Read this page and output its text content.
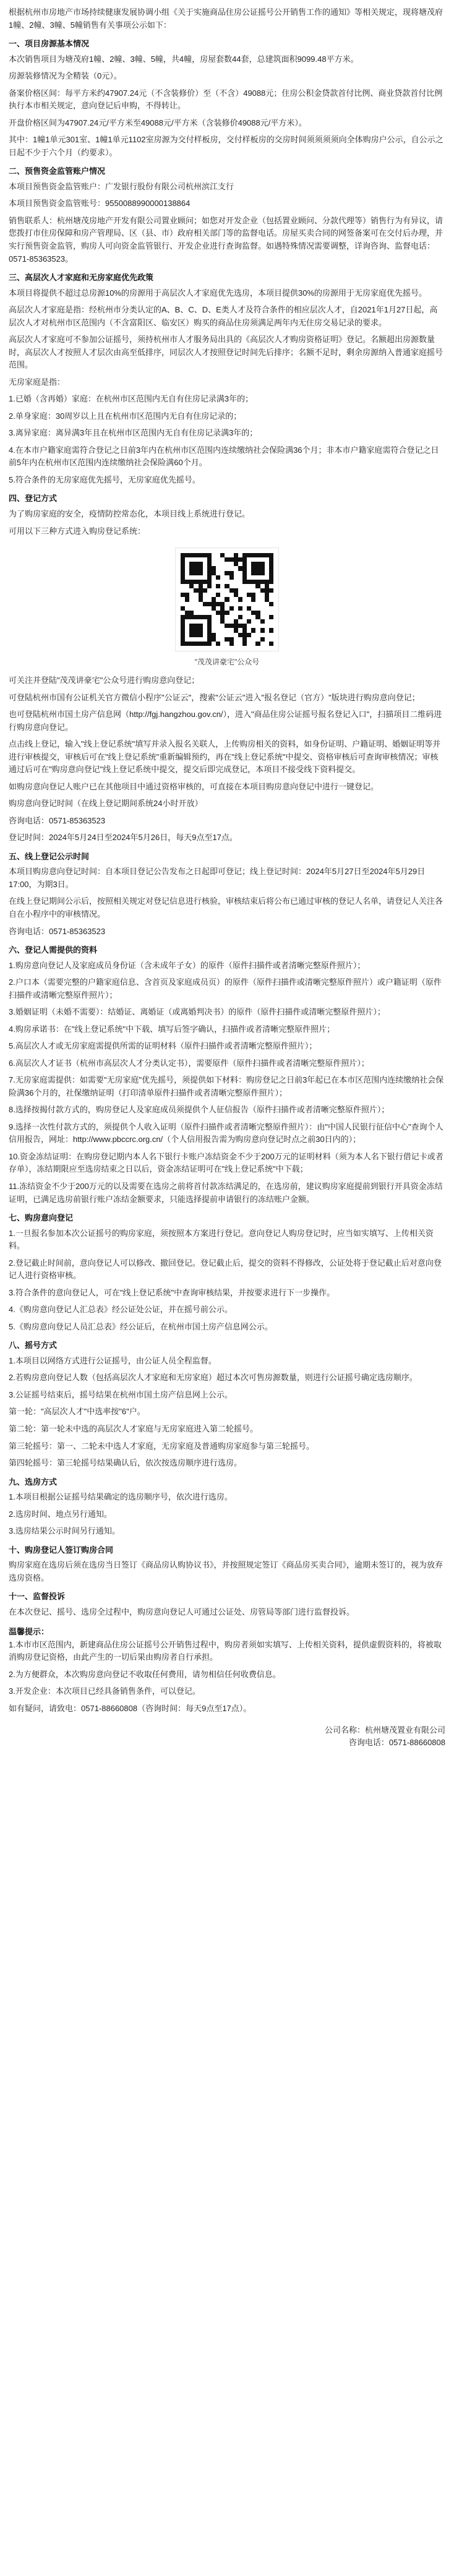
根据杭州市房地产市场持续健康发展协调小组《关于实施商品住房公证摇号公开销售工作的通知》等相关规定，现将塘茂府1幢、2幢、3幢、5幢销售有关事项公示如下：

一、项目房源基本情况

本次销售项目为塘茂府1幢、2幢、3幢、5幢，共4幢，房屋套数44套，总建筑面积9099.48平方米。

房源装修情况为全精装（0元）。

备案价格区间：每平方米约47907.24元（不含装修价）至（不含）49088元；住房公积金贷款首付比例、商业贷款首付比例执行本市相关规定，意向登记后申购，不得转让。

开盘价格区间为47907.24元/平方米至49088元/平方米（含装修价49088元/平方米）。

其中：1幢1单元301室、1幢1单元1102室房源为交付样板房，交付样板房的交房时间须须须须向全体购房户公示，自公示之日起不少于六个月（约要求）。

二、预售资金监管账户情况

本项目预售资金监管账户：广发银行股份有限公司杭州滨江支行

本项目预售资金监管账号：9550088990000138864

销售联系人：杭州塘茂房地产开发有限公司置业顾问；如您对开发企业（包括置业顾问、分款代理等）销售行为有异议，请您拨打市住房保障和房产管理局、区（县、市）政府相关部门等的监督电话。房屋买卖合同的网签备案可在交付后办理，并实行预售资金监管，购房人可向资金监管银行、开发企业进行查询监督。如遇特殊情况需要调整，详询咨询、监督电话：0571-85363523。

三、高层次人才家庭和无房家庭优先政策

本项目将提供不超过总房源10%的房源用于高层次人才家庭优先选房，本项目提供30%的房源用于无房家庭优先摇号。

高层次人才家庭是指：经杭州市分类认定的A、B、C、D、E类人才及符合条件的相应层次人才，自2021年1月27日起，高层次人才对杭州市区范围内（不含富阳区、临安区）购买的商品住房须满足两年内无住房交易记录的要求。

高层次人才家庭可不参加公证摇号，须持杭州市人才服务局出具的《高层次人才购房资格证明》登记。名额超出房源数量时，高层次人才按照人才层次由高至低排序，同层次人才按照登记时间先后排序；名额不足时，剩余房源纳入普通家庭摇号范围。

无房家庭是指：

1.已婚（含再婚）家庭：在杭州市区范围内无自有住房记录满3年的；

2.单身家庭：30周岁以上且在杭州市区范围内无自有住房记录的；

3.离异家庭：离异满3年且在杭州市区范围内无自有住房记录满3年的；

4.在本市户籍家庭需符合登记之日前3年内在杭州市区范围内连续缴纳社会保险满36个月；非本市户籍家庭需符合登记之日前5年内在杭州市区范围内连续缴纳社会保险满60个月。

5.符合条件的无房家庭优先摇号，无房家庭优先摇号。

四、登记方式

为了购房家庭的安全，疫情防控常态化，本项目线上系统进行登记。

可用以下三种方式进入购房登记系统：

"茂茂讲豪宅"公众号

可关注并登陆"茂茂讲豪宅"公众号进行购房意向登记；

可登陆杭州市国有公证机关官方微信小程序"公证云"，搜索"公证云"进入"报名登记（官方）"版块进行购房意向登记；

也可登陆杭州市国土房产信息网（http://fgj.hangzhou.gov.cn/），进入"商品住房公证摇号报名登记入口"，扫描项目二维码进行购房意向登记。

点击线上登记，输入"线上登记系统"填写并录入报名关联人，上传购房相关的资料，如身份证明、户籍证明、婚姻证明等并进行审核提交，审核后可在"线上登记系统"重新编辑预约，再在"线上登记系统"中提交、资格审核后可查询审核情况；审核通过后可在"购房意向登记"线上登记系统中提交，提交后即完成登记，本项目不接受线下资料提交。

如购房意向登记人账户已在其他项目中通过资格审核的，可直接在本项目购房意向登记中进行一键登记。

购房意向登记时间（在线上登记期间系统24小时开放）

咨询电话：0571-85363523

登记时间：2024年5月24日至2024年5月26日，每天9点至17点。

五、线上登记公示时间

本项目购房意向登记时间：自本项目登记公告发布之日起即可登记；线上登记时间：2024年5月27日至2024年5月29日17:00，为期3日。

在线上登记期间公示后，按照相关规定对登记信息进行核验，审核结束后将公布已通过审核的登记人名单，请登记人关注各自在小程序中的审核情况。

咨询电话：0571-85363523

六、登记人需提供的资料

1.购房意向登记人及家庭成员身份证（含未成年子女）的原件（原件扫描件或者清晰完整原件照片）；

2.户口本（需要完整的户籍家庭信息、含首页及家庭成员页）的原件（原件扫描件或清晰完整原件照片）或户籍证明（原件扫描件或清晰完整原件照片）；

3.婚姻证明（未婚不需要）：结婚证、离婚证（或离婚判决书）的原件（原件扫描件或清晰完整原件照片）；

4.购房承诺书：在"线上登记系统"中下载、填写后签字确认，扫描件或者清晰完整原件照片；

5.高层次人才或无房家庭需提供所需的证明材料（原件扫描件或者清晰完整原件照片）；

6.高层次人才证书（杭州市高层次人才分类认定书），需要原件（原件扫描件或者清晰完整原件照片）；

7.无房家庭需提供：如需要"无房家庭"优先摇号，须提供如下材料：购房登记之日前3年起已在本市区范围内连续缴纳社会保险满36个月的，社保缴纳证明（打印清单原件扫描件或者清晰完整原件照片）；

8.选择按揭付款方式的，购房登记人及家庭成员须提供个人征信报告（原件扫描件或者清晰完整原件照片）；

9.选择一次性付款方式的，须提供个人收入证明（原件扫描件或者清晰完整原件照片）：由"中国人民银行征信中心"查询个人信用报告，网址：http://www.pbccrc.org.cn/（个人信用报告需为购房意向登记时点之前30日内的）；

10.资金冻结证明：在购房登记期内本人名下银行卡账户冻结资金不少于200万元的证明材料（须为本人名下银行借记卡或者存单），冻结期限应至选房结束之日以后，资金冻结证明可在"线上登记系统"中下载；

11.冻结资金不少于200万元的以及需要在选房之前将首付款冻结满足的，在选房前，建议购房家庭提前到银行开具资金冻结证明，已满足选房前银行账户冻结金额要求，只能选择提前申请银行的冻结账户金额。

七、购房意向登记

1.一旦报名参加本次公证摇号的购房家庭，须按照本方案进行登记。意向登记人购房登记时，应当如实填写、上传相关资料。

2.登记截止时间前，意向登记人可以修改、撤回登记。登记截止后，提交的资料不得修改，公证处将于登记截止后对意向登记人进行资格审核。

3.符合条件的意向登记人，可在"线上登记系统"中查询审核结果，并按要求进行下一步操作。

4.《购房意向登记人汇总表》经公证处公证，并在摇号前公示。

5.《购房意向登记人员汇总表》经公证后，在杭州市国土房产信息网公示。

八、摇号方式

1.本项目以网络方式进行公证摇号，由公证人员全程监督。

2.若购房意向登记人数（包括高层次人才家庭和无房家庭）超过本次可售房源数量，则进行公证摇号确定选房顺序。

3.公证摇号结束后，摇号结果在杭州市国土房产信息网上公示。

第一轮："高层次人才"中选率按"6"户。

第二轮：第一轮未中选的高层次人才家庭与无房家庭进入第二轮摇号。

第三轮摇号：第一、二轮未中选人才家庭，无房家庭及普通购房家庭参与第三轮摇号。

第四轮摇号：第三轮摇号结果确认后，依次按选房顺序进行选房。

九、选房方式

1.本项目根据公证摇号结果确定的选房顺序号，依次进行选房。

2.选房时间、地点另行通知。

3.选房结果公示时间另行通知。

十、购房登记人签订购房合同

购房家庭在选房后须在选房当日签订《商品房认购协议书》，并按照规定签订《商品房买卖合同》，逾期未签订的，视为放弃选房资格。

十一、监督投诉

在本次登记、摇号、选房全过程中，购房意向登记人可通过公证处、房管局等部门进行监督投诉。

温馨提示：

1.本市市区范围内，新建商品住房公证摇号公开销售过程中，购房者须如实填写、上传相关资料，提供虚假资料的，将被取消购房登记资格，由此产生的一切后果由购房者自行承担。

2.为方便群众，本次购房意向登记不收取任何费用，请勿相信任何收费信息。

3.开发企业：本次项目已经具备销售条件，可以登记。

如有疑问，请致电：0571-88660808（咨询时间：每天9点至17点）。

公司名称：杭州塘茂置业有限公司

咨询电话：0571-88660808
